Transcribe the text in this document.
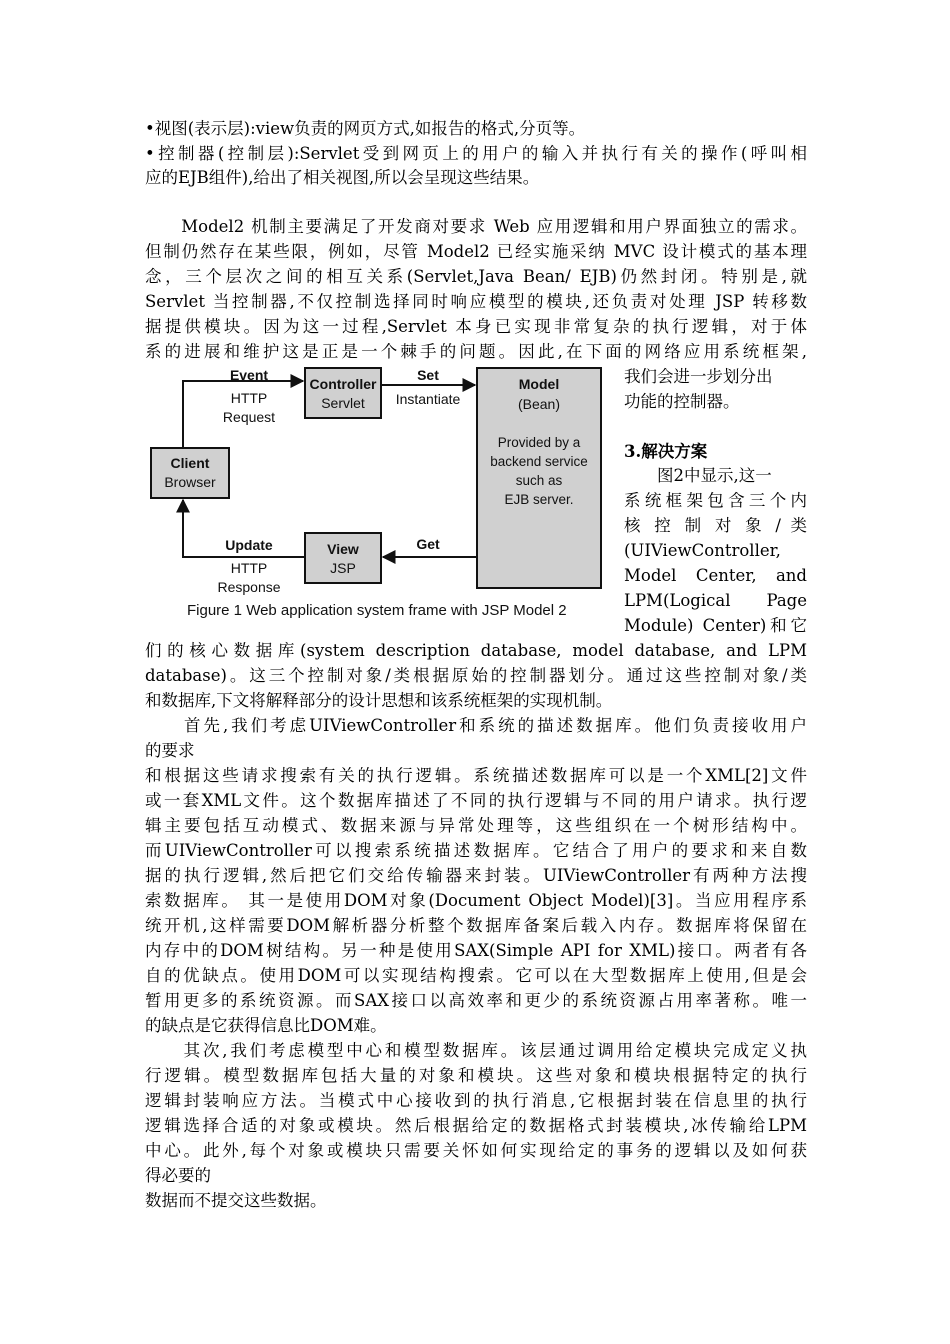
•视图(表示层):view负责的网页方式,如报告的格式,分页等。
•控制器(控制层):Servlet受到网页上的用户的输入并执行有关的操作(呼叫相
应的EJB组件),给出了相关视图,所以会呈现这些结果。
　　Model2 机制主要满足了开发商对要求 Web 应用逻辑和用户界面独立的需求。
但制仍然存在某些限，例如，尽管 Model2 已经实施采纳 MVC 设计模式的基本理
念，三个层次之间的相互关系(Servlet,Java Bean/ EJB)仍然封闭。特别是,就
Servlet 当控制器,不仅控制选择同时响应模型的模块,还负责对处理 JSP 转移数
据提供模块。因为这一过程,Servlet 本身已实现非常复杂的执行逻辑，对于体
系的进展和维护这是正是一个棘手的问题。因此,在下面的网络应用系统框架,
我们会进一步划分出
功能的控制器。
3.解决方案
　　图2中显示,这一
系统框架包含三个内
核 控 制 对 象 / 类
(UIViewController,
Model Center, and
LPM(Logical Page
Module) Center)和它
们的核心数据库(system description database, model database, and LPM
database)。这三个控制对象/类根据原始的控制器划分。通过这些控制对象/类
和数据库,下文将解释部分的设计思想和该系统框架的实现机制。
　　首先,我们考虑UIViewController和系统的描述数据库。他们负责接收用户
的要求
和根据这些请求搜索有关的执行逻辑。系统描述数据库可以是一个XML[2]文件
或一套XML文件。这个数据库描述了不同的执行逻辑与不同的用户请求。执行逻
辑主要包括互动模式、数据来源与异常处理等，这些组织在一个树形结构中。
而UIViewController可以搜索系统描述数据库。它结合了用户的要求和来自数
据的执行逻辑,然后把它们交给传输器来封装。UIViewController有两种方法搜
索数据库。 其一是使用DOM对象(Document Object Model)[3]。当应用程序系
统开机,这样需要DOM解析器分析整个数据库备案后载入内存。数据库将保留在
内存中的DOM树结构。另一种是使用SAX(Simple API for XML)接口。两者有各
自的优缺点。使用DOM可以实现结构搜索。它可以在大型数据库上使用,但是会
暂用更多的系统资源。而SAX接口以高效率和更少的系统资源占用率著称。唯一
的缺点是它获得信息比DOM难。
　　其次,我们考虑模型中心和模型数据库。该层通过调用给定模块完成定义执
行逻辑。模型数据库包括大量的对象和模块。这些对象和模块根据特定的执行
逻辑封装响应方法。当模式中心接收到的执行消息,它根据封装在信息里的执行
逻辑选择合适的对象或模块。然后根据给定的数据格式封装模块,冰传输给LPM
中心。此外,每个对象或模块只需要关怀如何实现给定的事务的逻辑以及如何获
得必要的
数据而不提交这些数据。
Client
Browser
Controller
Servlet
View
JSP
Model
(Bean)
Provided by a
backend service
such as
EJB server.
Event
HTTP
Request
Set
Instantiate
Get
Update
HTTP
Response
Figure 1 Web application system frame with JSP Model 2
